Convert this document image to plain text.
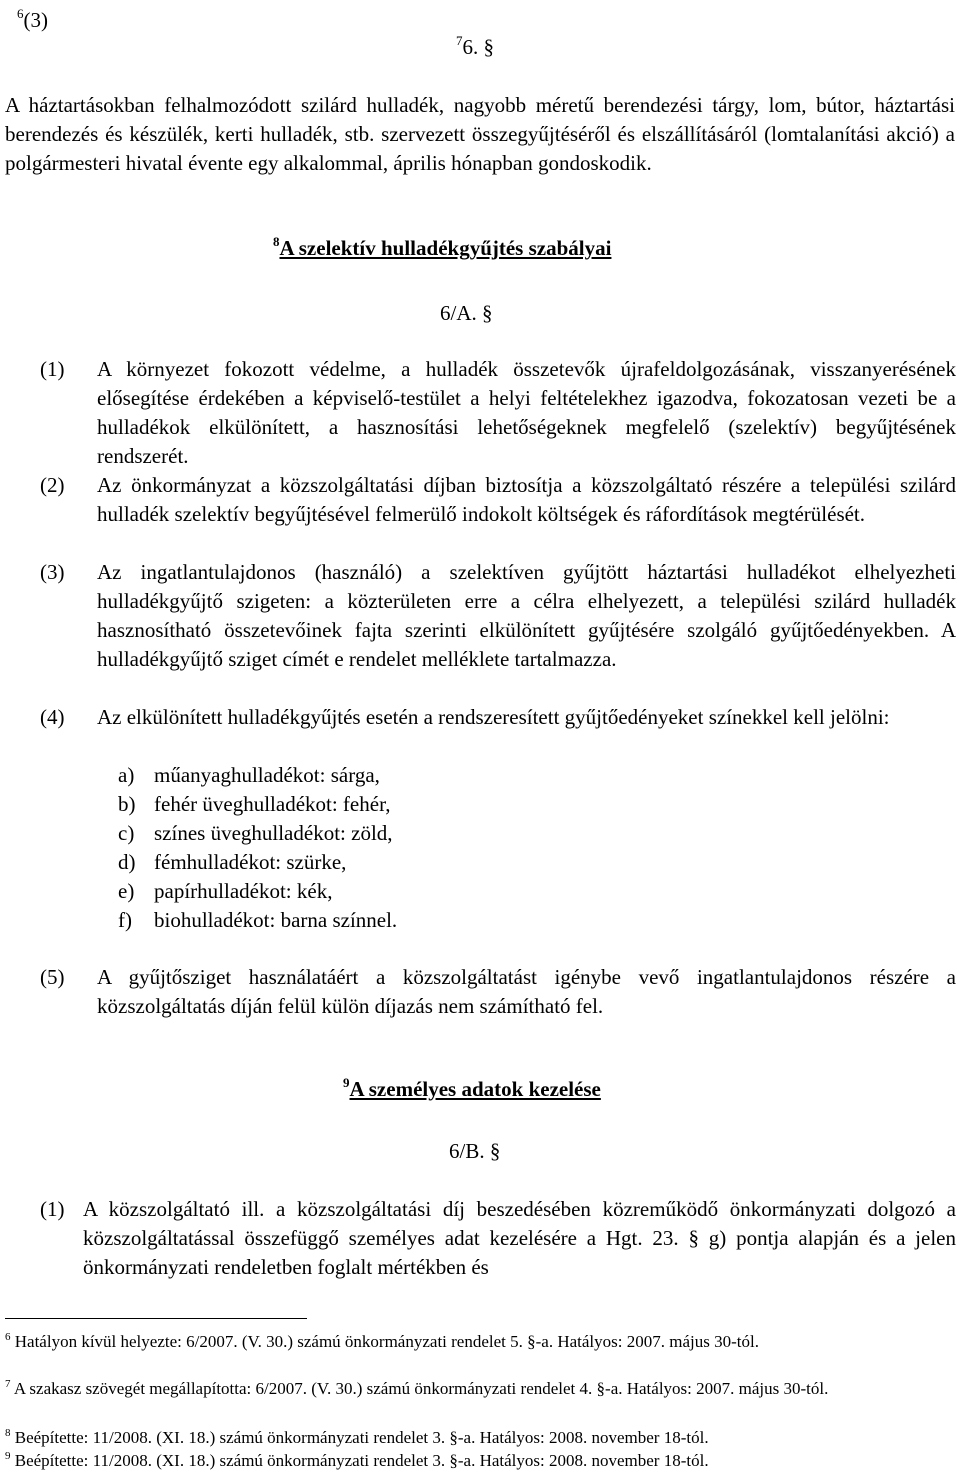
$^6$(3)
$^7$6. §
A háztartásokban felhalmozódott szilárd hulladék, nagyobb méretű berendezési tárgy, lom, bútor, háztartási berendezés és készülék, kerti hulladék, stb. szervezett összegyűjtéséről és elszállításáról (lomtalanítási akció) a polgármesteri hivatal évente egy alkalommal, április hónapban gondoskodik.
$^8$A szelektív hulladékgyűjtés szabályai
6/A. §
(1) A környezet fokozott védelme, a hulladék összetevők újrafeldolgozásának, visszanyerésének elősegítése érdekében a képviselő-testület a helyi feltételekhez igazodva, fokozatosan vezeti be a hulladékok elkülönített, a hasznosítási lehetőségeknek megfelelő (szelektív) begyűjtésének rendszerét.
(2) Az önkormányzat a közszolgáltatási díjban biztosítja a közszolgáltató részére a települési szilárd hulladék szelektív begyűjtésével felmerülő indokolt költségek és ráfordítások megtérülését.
(3) Az ingatlantulajdonos (használó) a szelektíven gyűjtött háztartási hulladékot elhelyezheti hulladékgyűjtő szigeten: a közterületen erre a célra elhelyezett, a települési szilárd hulladék hasznosítható összetevőinek fajta szerinti elkülönített gyűjtésére szolgáló gyűjtőedényekben. A hulladékgyűjtő sziget címét e rendelet melléklete tartalmazza.
(4) Az elkülönített hulladékgyűjtés esetén a rendszeresített gyűjtőedényeket színekkel kell jelölni:
a) műanyaghulladékot: sárga,
b) fehér üveghulladékot: fehér,
c) színes üveghulladékot: zöld,
d) fémhulladékot: szürke,
e) papírhulladékot: kék,
f) biohulladékot: barna színnel.
(5) A gyűjtősziget használatáért a közszolgáltatást igénybe vevő ingatlantulajdonos részére a közszolgáltatás díján felül külön díjazás nem számítható fel.
$^9$A személyes adatok kezelése
6/B. §
(1) A közszolgáltató ill. a közszolgáltatási díj beszedésében közreműködő önkormányzati dolgozó a közszolgáltatással összefüggő személyes adat kezelésére a Hgt. 23. § g) pontja alapján és a jelen önkormányzati rendeletben foglalt mértékben és
$^6$ Hatályon kívül helyezte: 6/2007. (V. 30.) számú önkormányzati rendelet 5. §-a. Hatályos: 2007. május 30-tól.
$^7$ A szakasz szövegét megállapította: 6/2007. (V. 30.) számú önkormányzati rendelet 4. §-a. Hatályos: 2007. május 30-tól.
$^8$ Beépítette: 11/2008. (XI. 18.) számú önkormányzati rendelet 3. §-a. Hatályos: 2008. november 18-tól.
$^9$ Beépítette: 11/2008. (XI. 18.) számú önkormányzati rendelet 3. §-a. Hatályos: 2008. november 18-tól.
